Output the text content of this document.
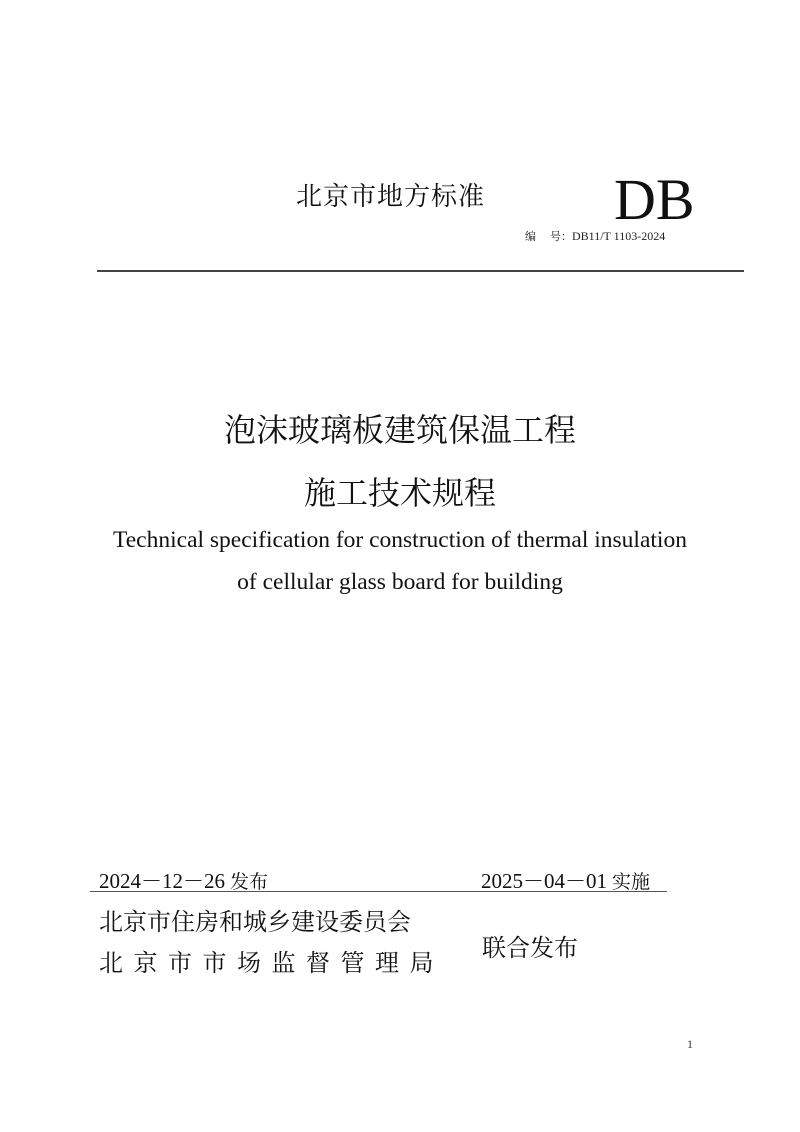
北京市地方标准 DB
编 号：DB11/T 1103-2024
泡沫玻璃板建筑保温工程
施工技术规程
Technical specification for construction of thermal insulation
of cellular glass board for building
2024－12－26 发布	2025－04－01 实施
北京市住房和城乡建设委员会
北京市市场监督管理局
联合发布
1
